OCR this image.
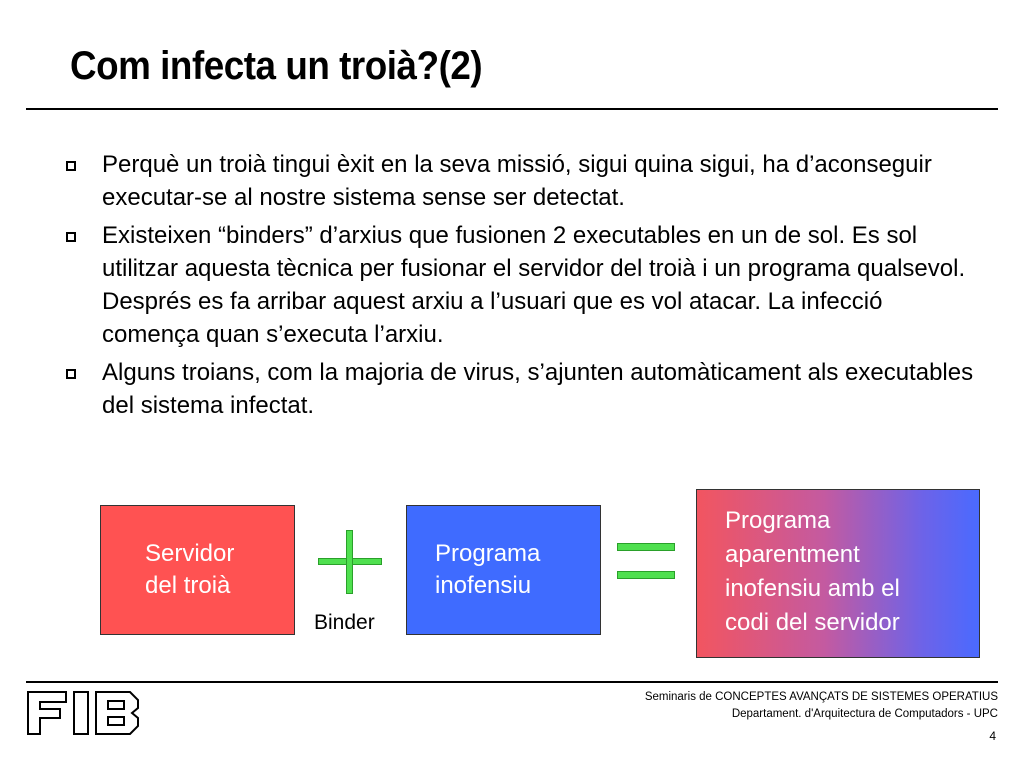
Com infecta un troià?(2)
Perquè un troià tingui èxit en la seva missió, sigui quina sigui, ha d’aconseguir executar-se al nostre sistema sense ser detectat.
Existeixen “binders” d’arxius que fusionen 2 executables en un de sol. Es sol utilitzar aquesta tècnica per fusionar el servidor del troià i un programa qualsevol. Després es fa arribar aquest arxiu a l’usuari que es vol atacar. La infecció comença quan s’executa l’arxiu.
Alguns troians, com la majoria de virus, s’ajunten automàticament als executables del sistema infectat.
Servidor
del troià
Binder
Programa
inofensiu
Programa
aparentment
inofensiu amb el
codi del servidor
Seminaris de CONCEPTES AVANÇATS DE SISTEMES OPERATIUS
Departament. d'Arquitectura de Computadors - UPC
4
